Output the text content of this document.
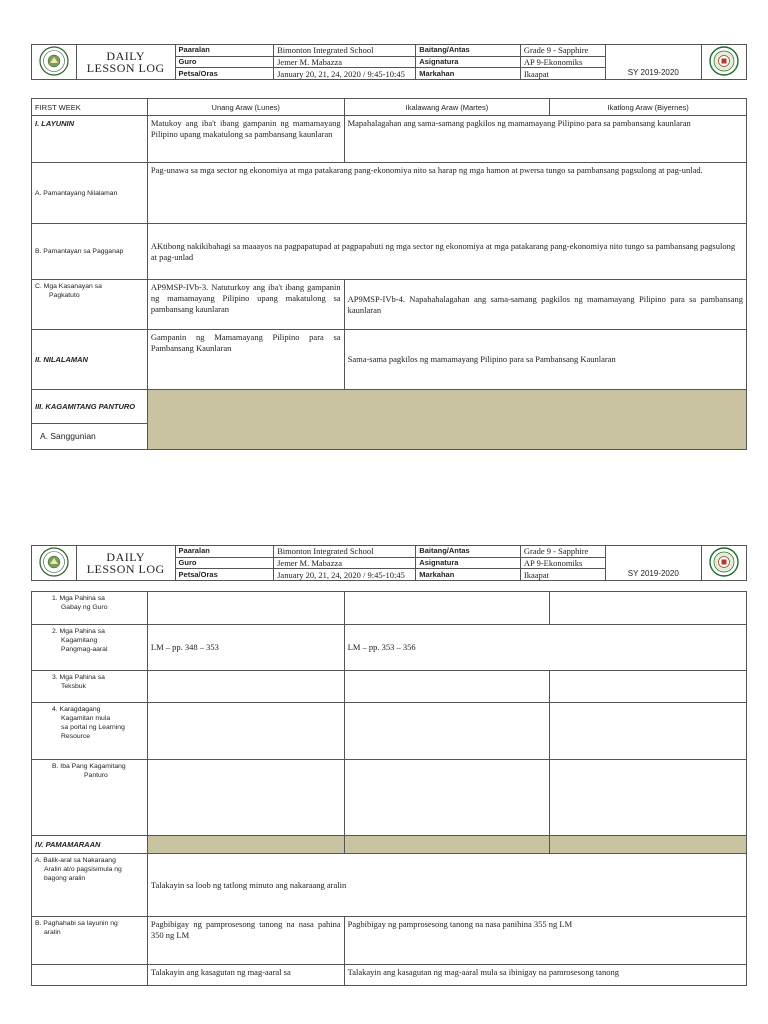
DAILY
LESSON LOG	Paaralan	Bimonton Integrated School	Baitang/Antas	Grade 9 - Sapphire	SY 2019-2020	
		Guro	Jemer M. Mabazza	Asignatura	AP 9-Ekonomiks		
		Petsa/Oras	January 20, 21, 24, 2020 / 9:45-10:45	Markahan	Ikaapat		
FIRST WEEK	Unang Araw (Lunes)	Ikalawang Araw (Martes)	Ikatlong Araw (Biyernes)
I. LAYUNIN	Matukoy ang iba't ibang gampanin ng mamamayang Pilipino upang makatulong sa pambansang kaunlaran	Mapahalagahan ang sama-samang pagkilos ng mamamayang Pilipino para sa pambansang kaunlaran	
A. Pamantayang Nilalaman	Pag-unawa sa mga sector ng ekonomiya at mga patakarang pang-ekonomiya nito sa harap ng mga hamon at pwersa tungo sa pambansang pagsulong at pag-unlad.		
B. Pamantayan sa Pagganap	AKtibong nakikibahagi sa maaayos na pagpapatupad at pagpapabuti ng mga sector ng ekonomiya at mga patakarang pang-ekonomiya nito tungo sa pambansang pagsulong at pag-unlad		

C. Mga Kasanayan sa
Pagkatuto	AP9MSP-IVb-3. Natuturkoy ang iba't ibang gampanin ng mamamayang Pilipino upang makatulong sa pambansang kaunlaran	AP9MSP-IVb-4. Napahahalagahan ang sama-samang pagkilos ng mamamayang Pilipino para sa pambansang kaunlaran	
II. NILALAMAN	Gampanin ng Mamamayang Pilipino para sa Pambansang Kaunlaran	Sama-sama pagkilos ng mamamayang Pilipino para sa Pambansang Kaunlaran	
III. KAGAMITANG PANTURO			
A. Sanggunian			

DAILY
LESSON LOG	Paaralan	Bimonton Integrated School	Baitang/Antas	Grade 9 - Sapphire	SY 2019-2020	
		Guro	Jemer M. Mabazza	Asignatura	AP 9-Ekonomiks		
		Petsa/Oras	January 20, 21, 24, 2020 / 9:45-10:45	Markahan	Ikaapat		
1. Mga Pahina sa
Gabay ng Guro			

2. Mga Pahina sa
Kagamitang
Pangmag-aaral	LM – pp. 348 – 353	LM – pp. 353 – 356	

3. Mga Pahina sa
Teksbuk			

4. Karagdagang
Kagamitan mula
sa portal ng Learning
Resource			

B. Iba Pang Kagamitang
Panturo			

IV. PAMAMARAAN			

A. Balik-aral sa Nakaraang
Aralin at/o pagsisimula ng
bagong aralin	Talakayin sa loob ng tatlong minuto ang nakaraang aralin		

B. Paghahabi sa layunin ng
aralin	Pagbibigay ng pamprosesong tanong na nasa pahina 350 ng LM	Pagbibigay ng pamprosesong tanong na nasa panihina 355 ng LM	
	Talakayin ang kasagutan ng mag-aaral sa	Talakayin ang kasagutan ng mag-aaral mula sa ibinigay na pamrosesong tanong	
